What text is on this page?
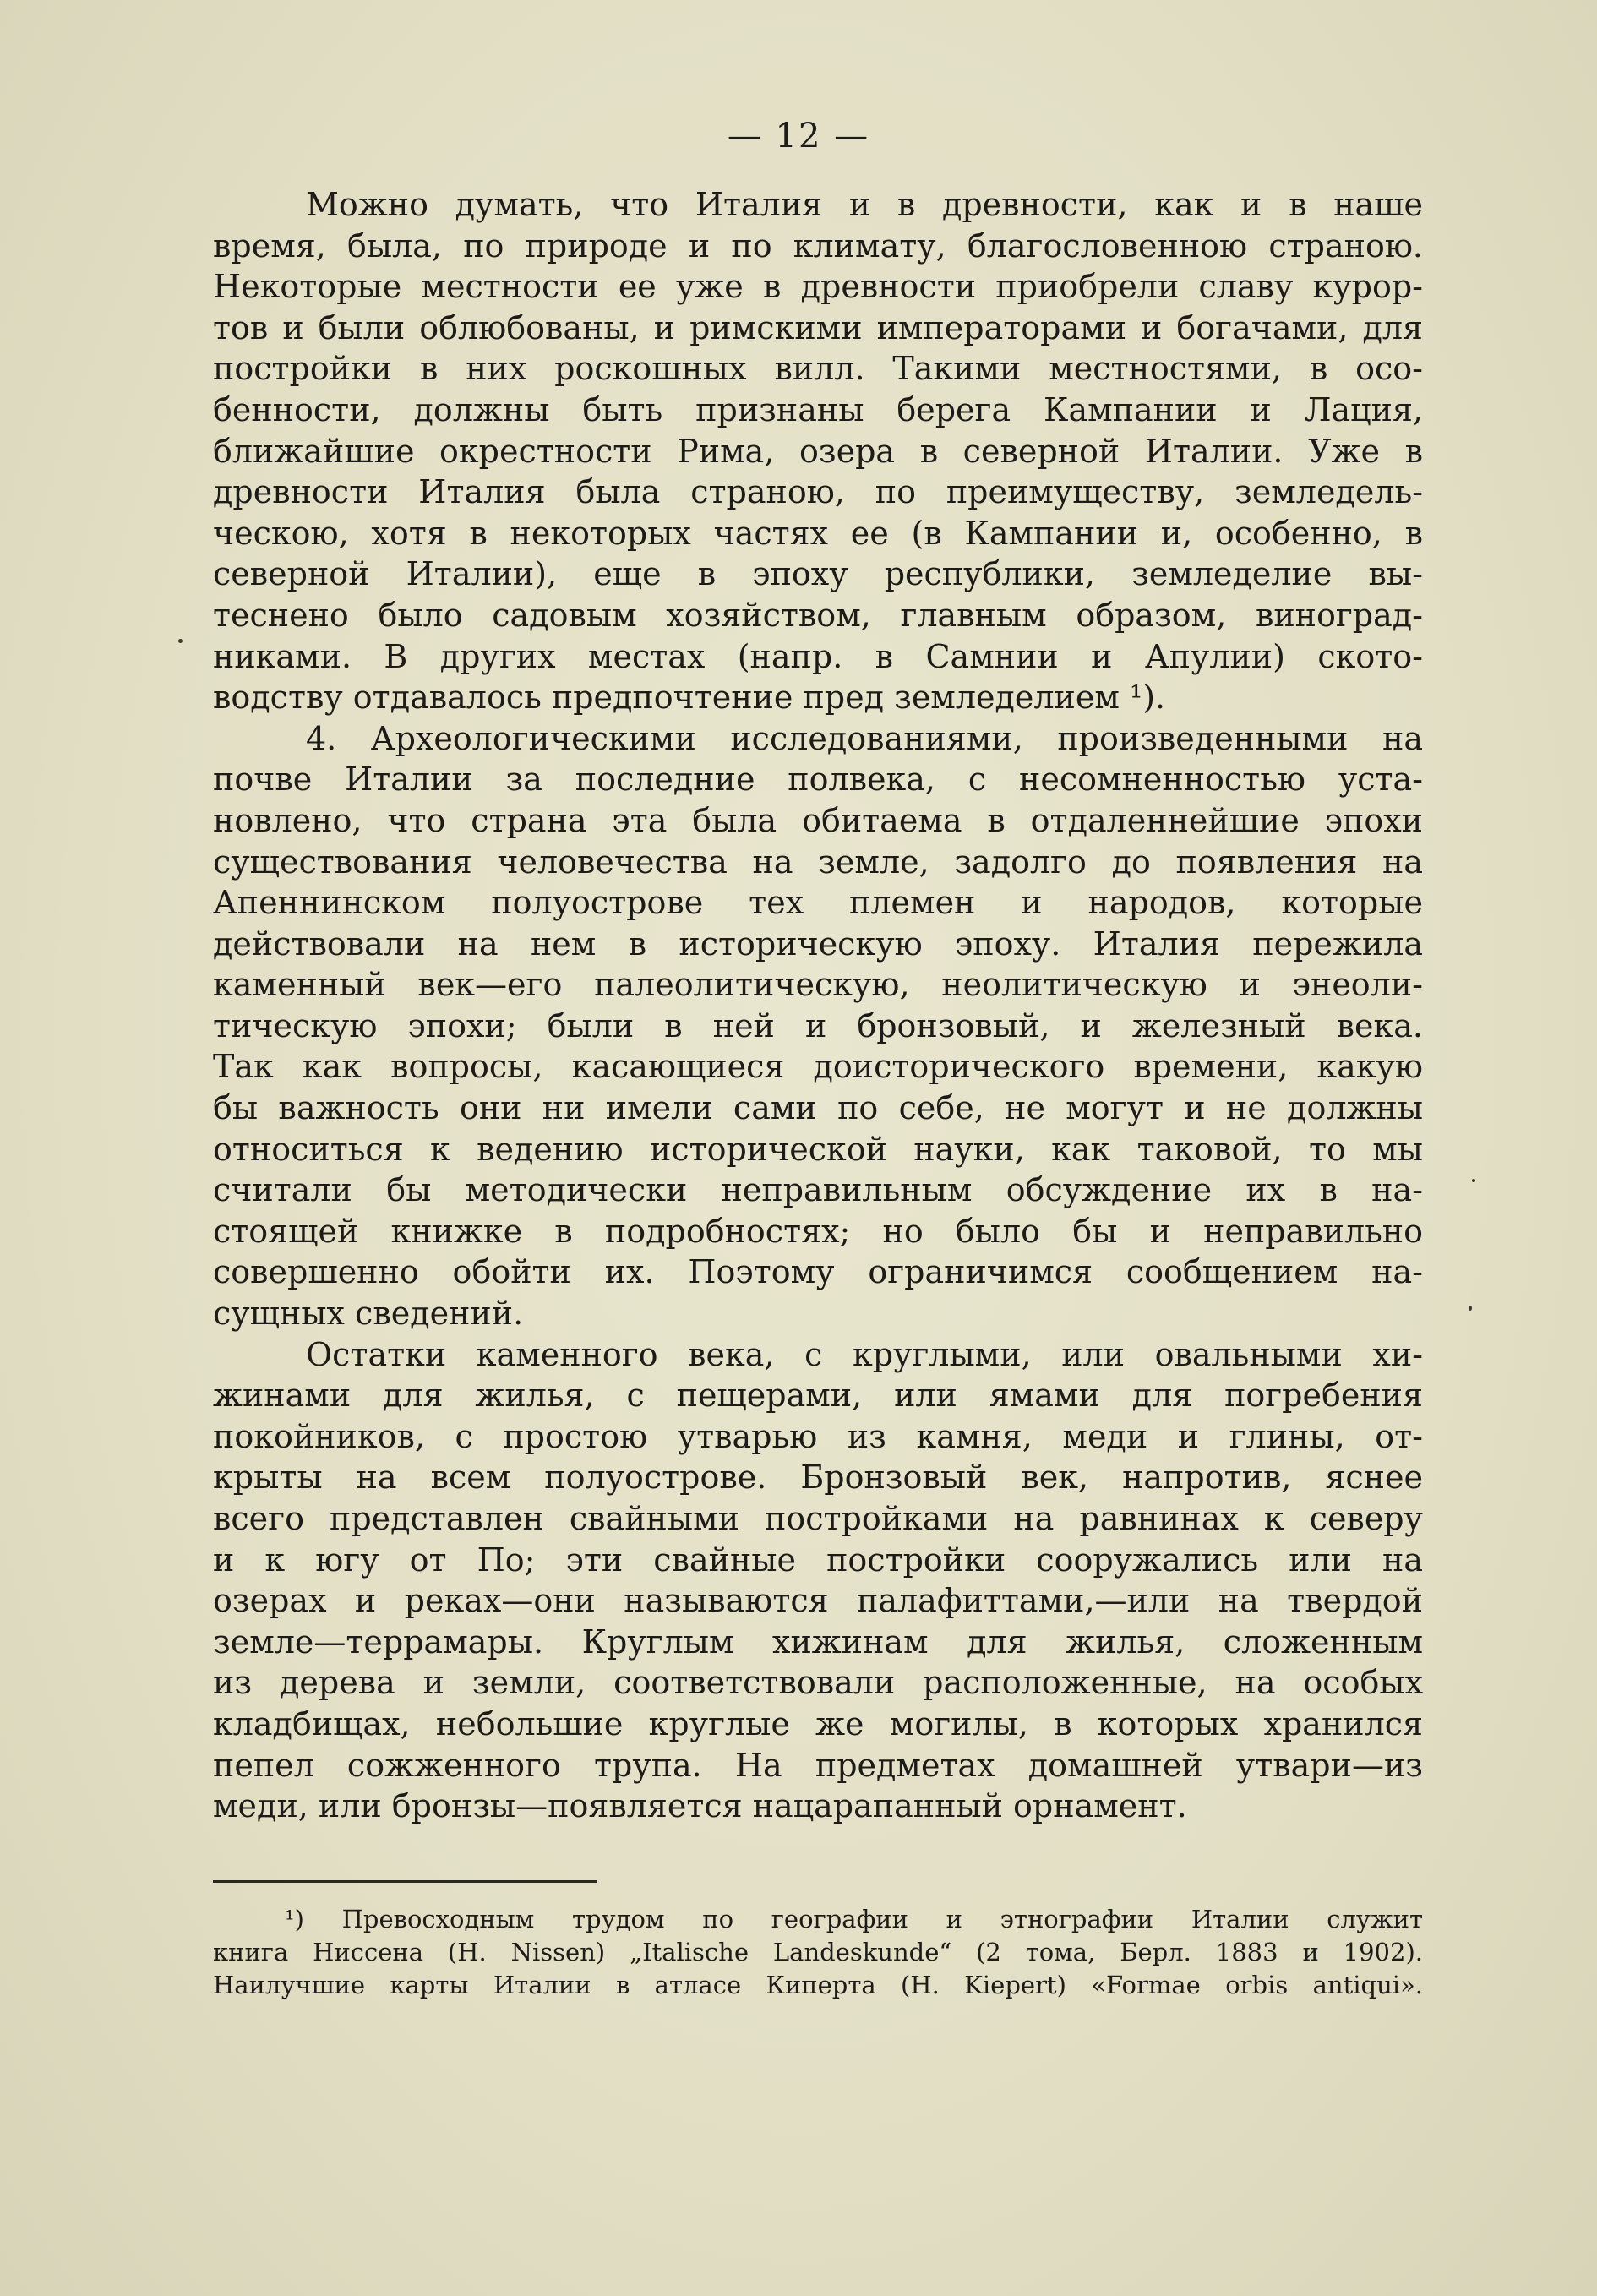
— 12 —
Можно думать, что Италия и в древности, как и в наше
время, была, по природе и по климату, благословенною страною.
Некоторые местности ее уже в древности приобрели славу курор-
тов и были облюбованы, и римскими императорами и богачами, для
постройки в них роскошных вилл. Такими местностями, в осо-
бенности, должны быть признаны берега Кампании и Лация,
ближайшие окрестности Рима, озера в северной Италии. Уже в
древности Италия была страною, по преимуществу, земледель-
ческою, хотя в некоторых частях ее (в Кампании и, особенно, в
северной Италии), еще в эпоху республики, земледелие вы-
теснено было садовым хозяйством, главным образом, виноград-
никами. В других местах (напр. в Самнии и Апулии) ското-
водству отдавалось предпочтение пред земледелием ¹).
4. Археологическими исследованиями, произведенными на
почве Италии за последние полвека, с несомненностью уста-
новлено, что страна эта была обитаема в отдаленнейшие эпохи
существования человечества на земле, задолго до появления на
Апеннинском полуострове тех племен и народов, которые
действовали на нем в историческую эпоху. Италия пережила
каменный век—его палеолитическую, неолитическую и энеоли-
тическую эпохи; были в ней и бронзовый, и железный века.
Так как вопросы, касающиеся доисторического времени, какую
бы важность они ни имели сами по себе, не могут и не должны
относиться к ведению исторической науки, как таковой, то мы
считали бы методически неправильным обсуждение их в на-
стоящей книжке в подробностях; но было бы и неправильно
совершенно обойти их. Поэтому ограничимся сообщением на-
сущных сведений.
Остатки каменного века, с круглыми, или овальными хи-
жинами для жилья, с пещерами, или ямами для погребения
покойников, с простою утварью из камня, меди и глины, от-
крыты на всем полуострове. Бронзовый век, напротив, яснее
всего представлен свайными постройками на равнинах к северу
и к югу от По; эти свайные постройки сооружались или на
озерах и реках—они называются палафиттами,—или на твердой
земле—террамары. Круглым хижинам для жилья, сложенным
из дерева и земли, соответствовали расположенные, на особых
кладбищах, небольшие круглые же могилы, в которых хранился
пепел сожженного трупа. На предметах домашней утвари—из
меди, или бронзы—появляется нацарапанный орнамент.
¹) Превосходным трудом по географии и этнографии Италии служит
книга Ниссена (H. Nissen) „Italische Landeskunde“ (2 тома, Берл. 1883 и 1902).
Наилучшие карты Италии в атласе Киперта (H. Kiepert) «Formae orbis antiqui».
